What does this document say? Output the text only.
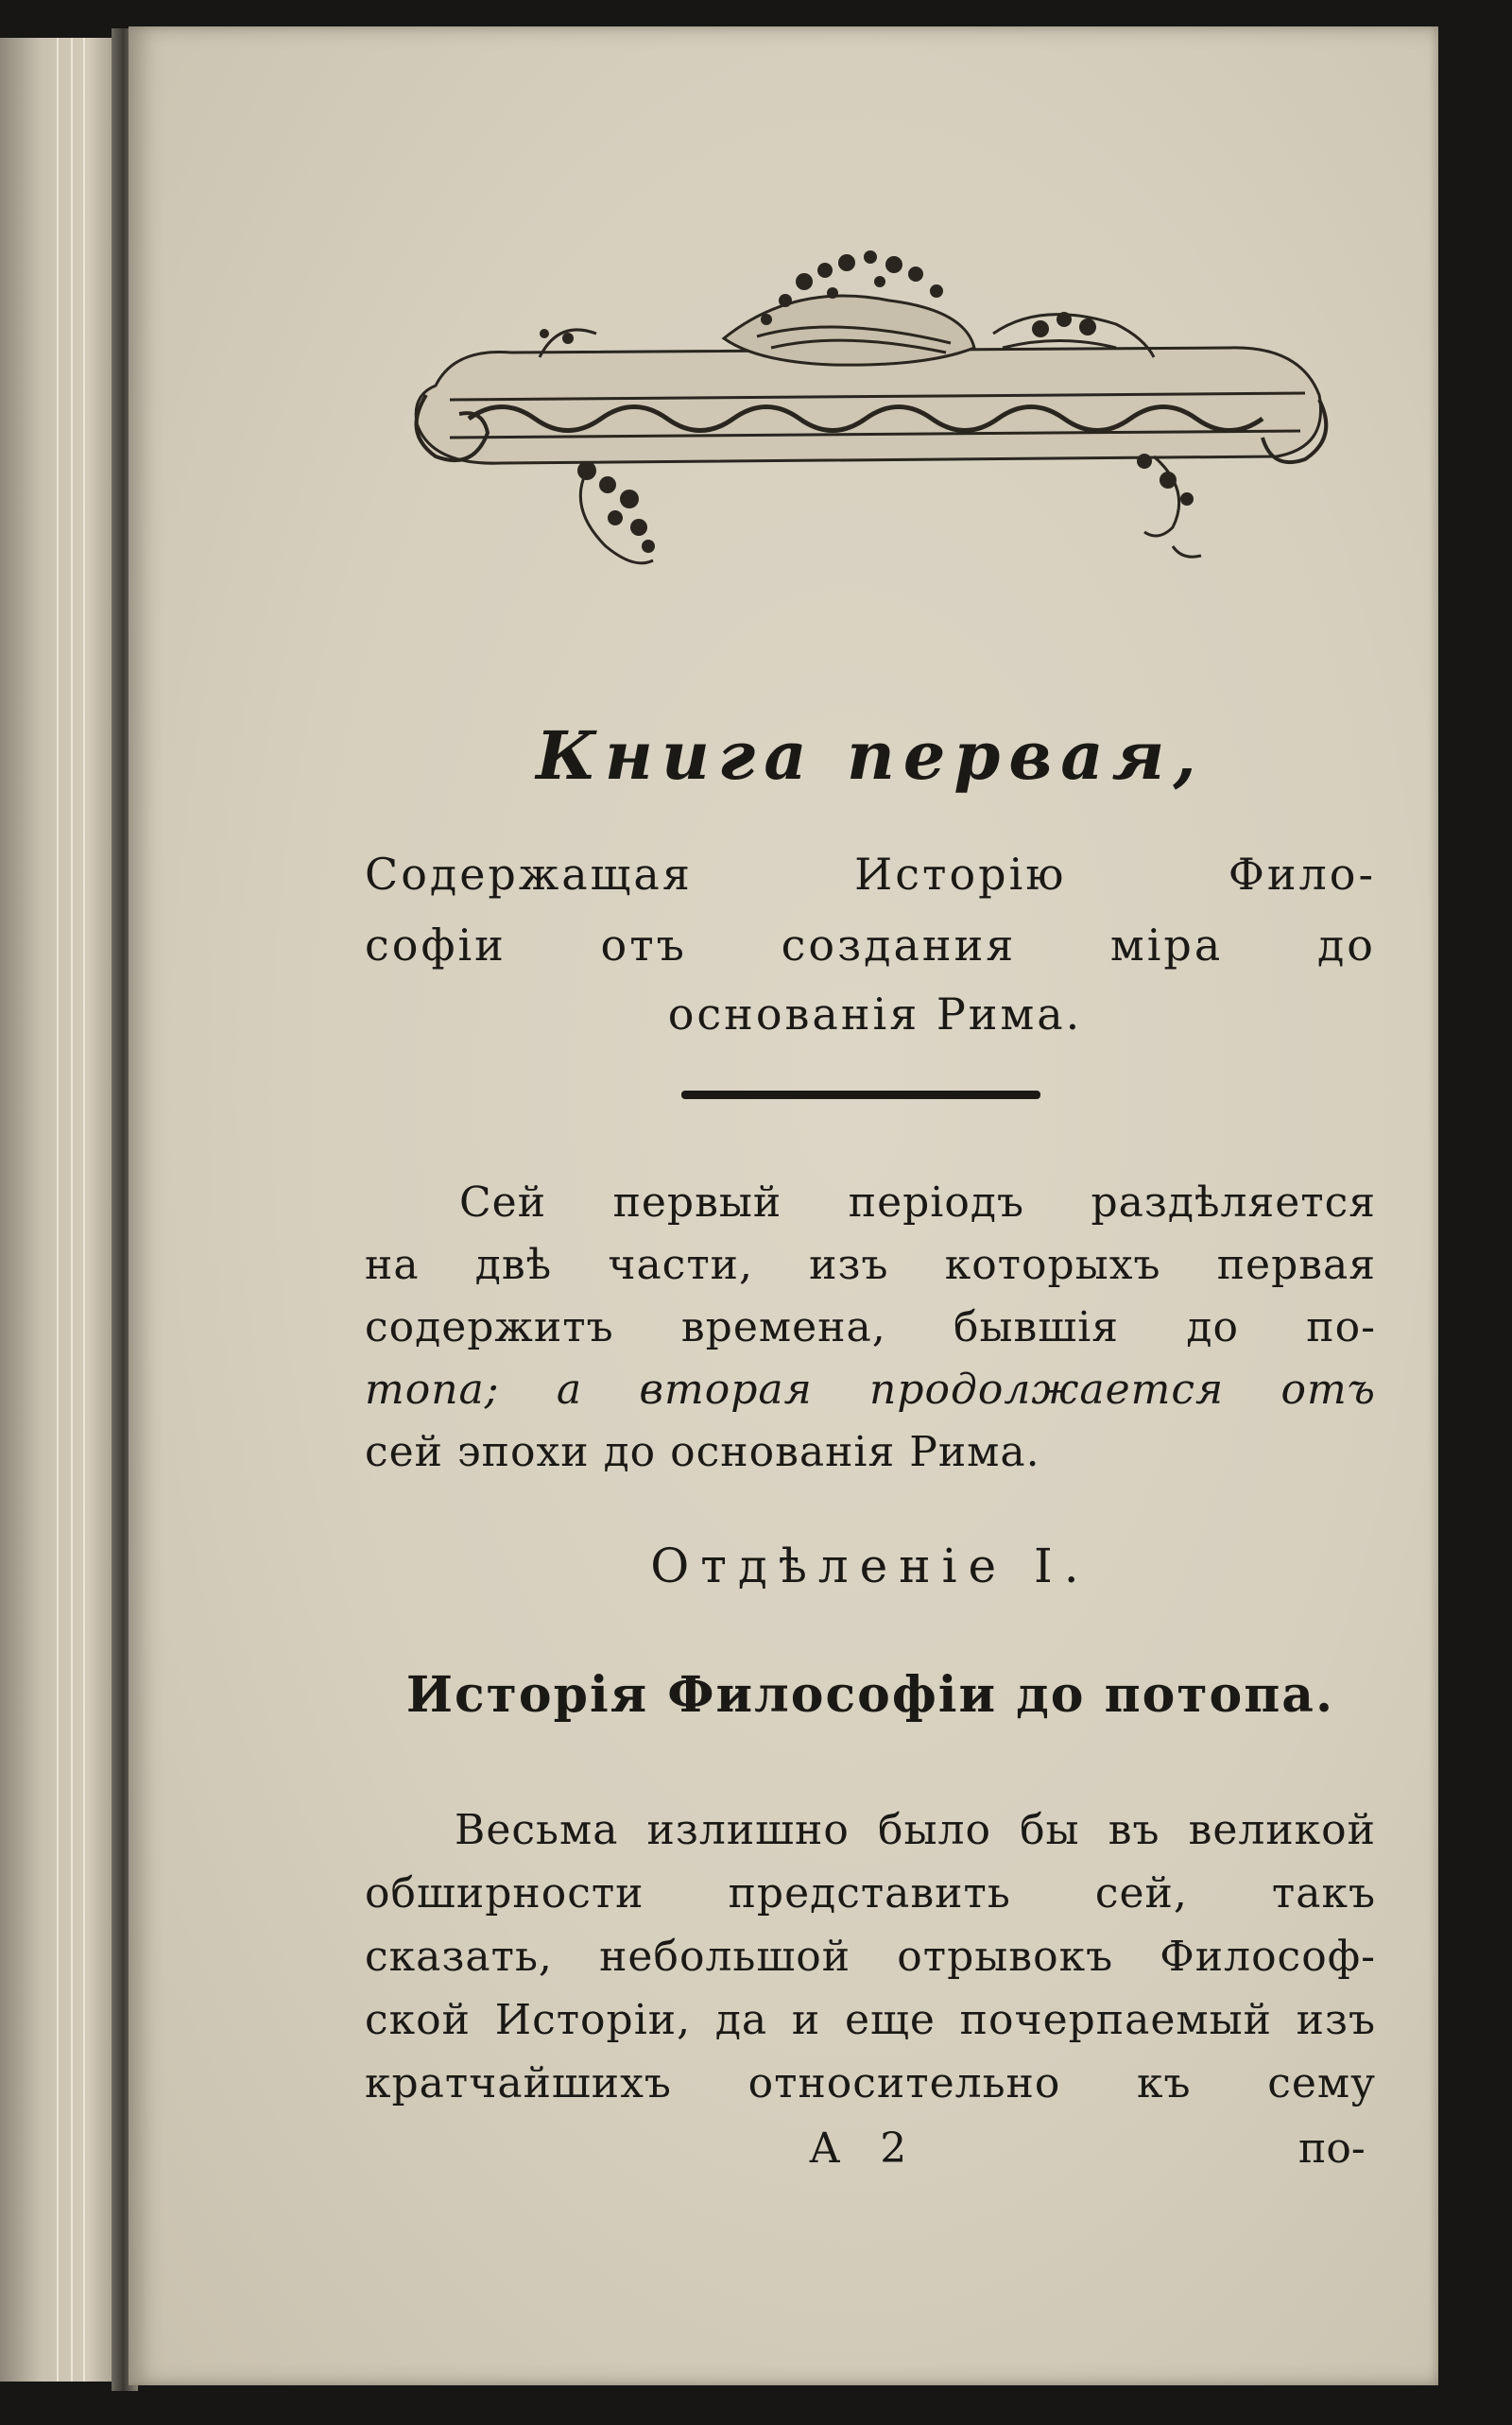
Книга первая,
Содержащая Исторію Фило-
софіи отъ создания міра до
основанія Рима.

Сей первый періодъ раздѣляется

на двѣ части, изъ которыхъ первая

содержитъ времена, бывшія до по-

топа; а вторая продолжается отъ

сей эпохи до основанія Рима.

Отдѣленіе I.
Исторія Философіи до потопа.

Весьма излишно было бы въ великой

обширности представить сей, такъ

сказать, небольшой отрывокъ Философ-

ской Исторіи, да и еще почерпаемый изъ

кратчайшихъ относительно къ сему

А 2	по-
